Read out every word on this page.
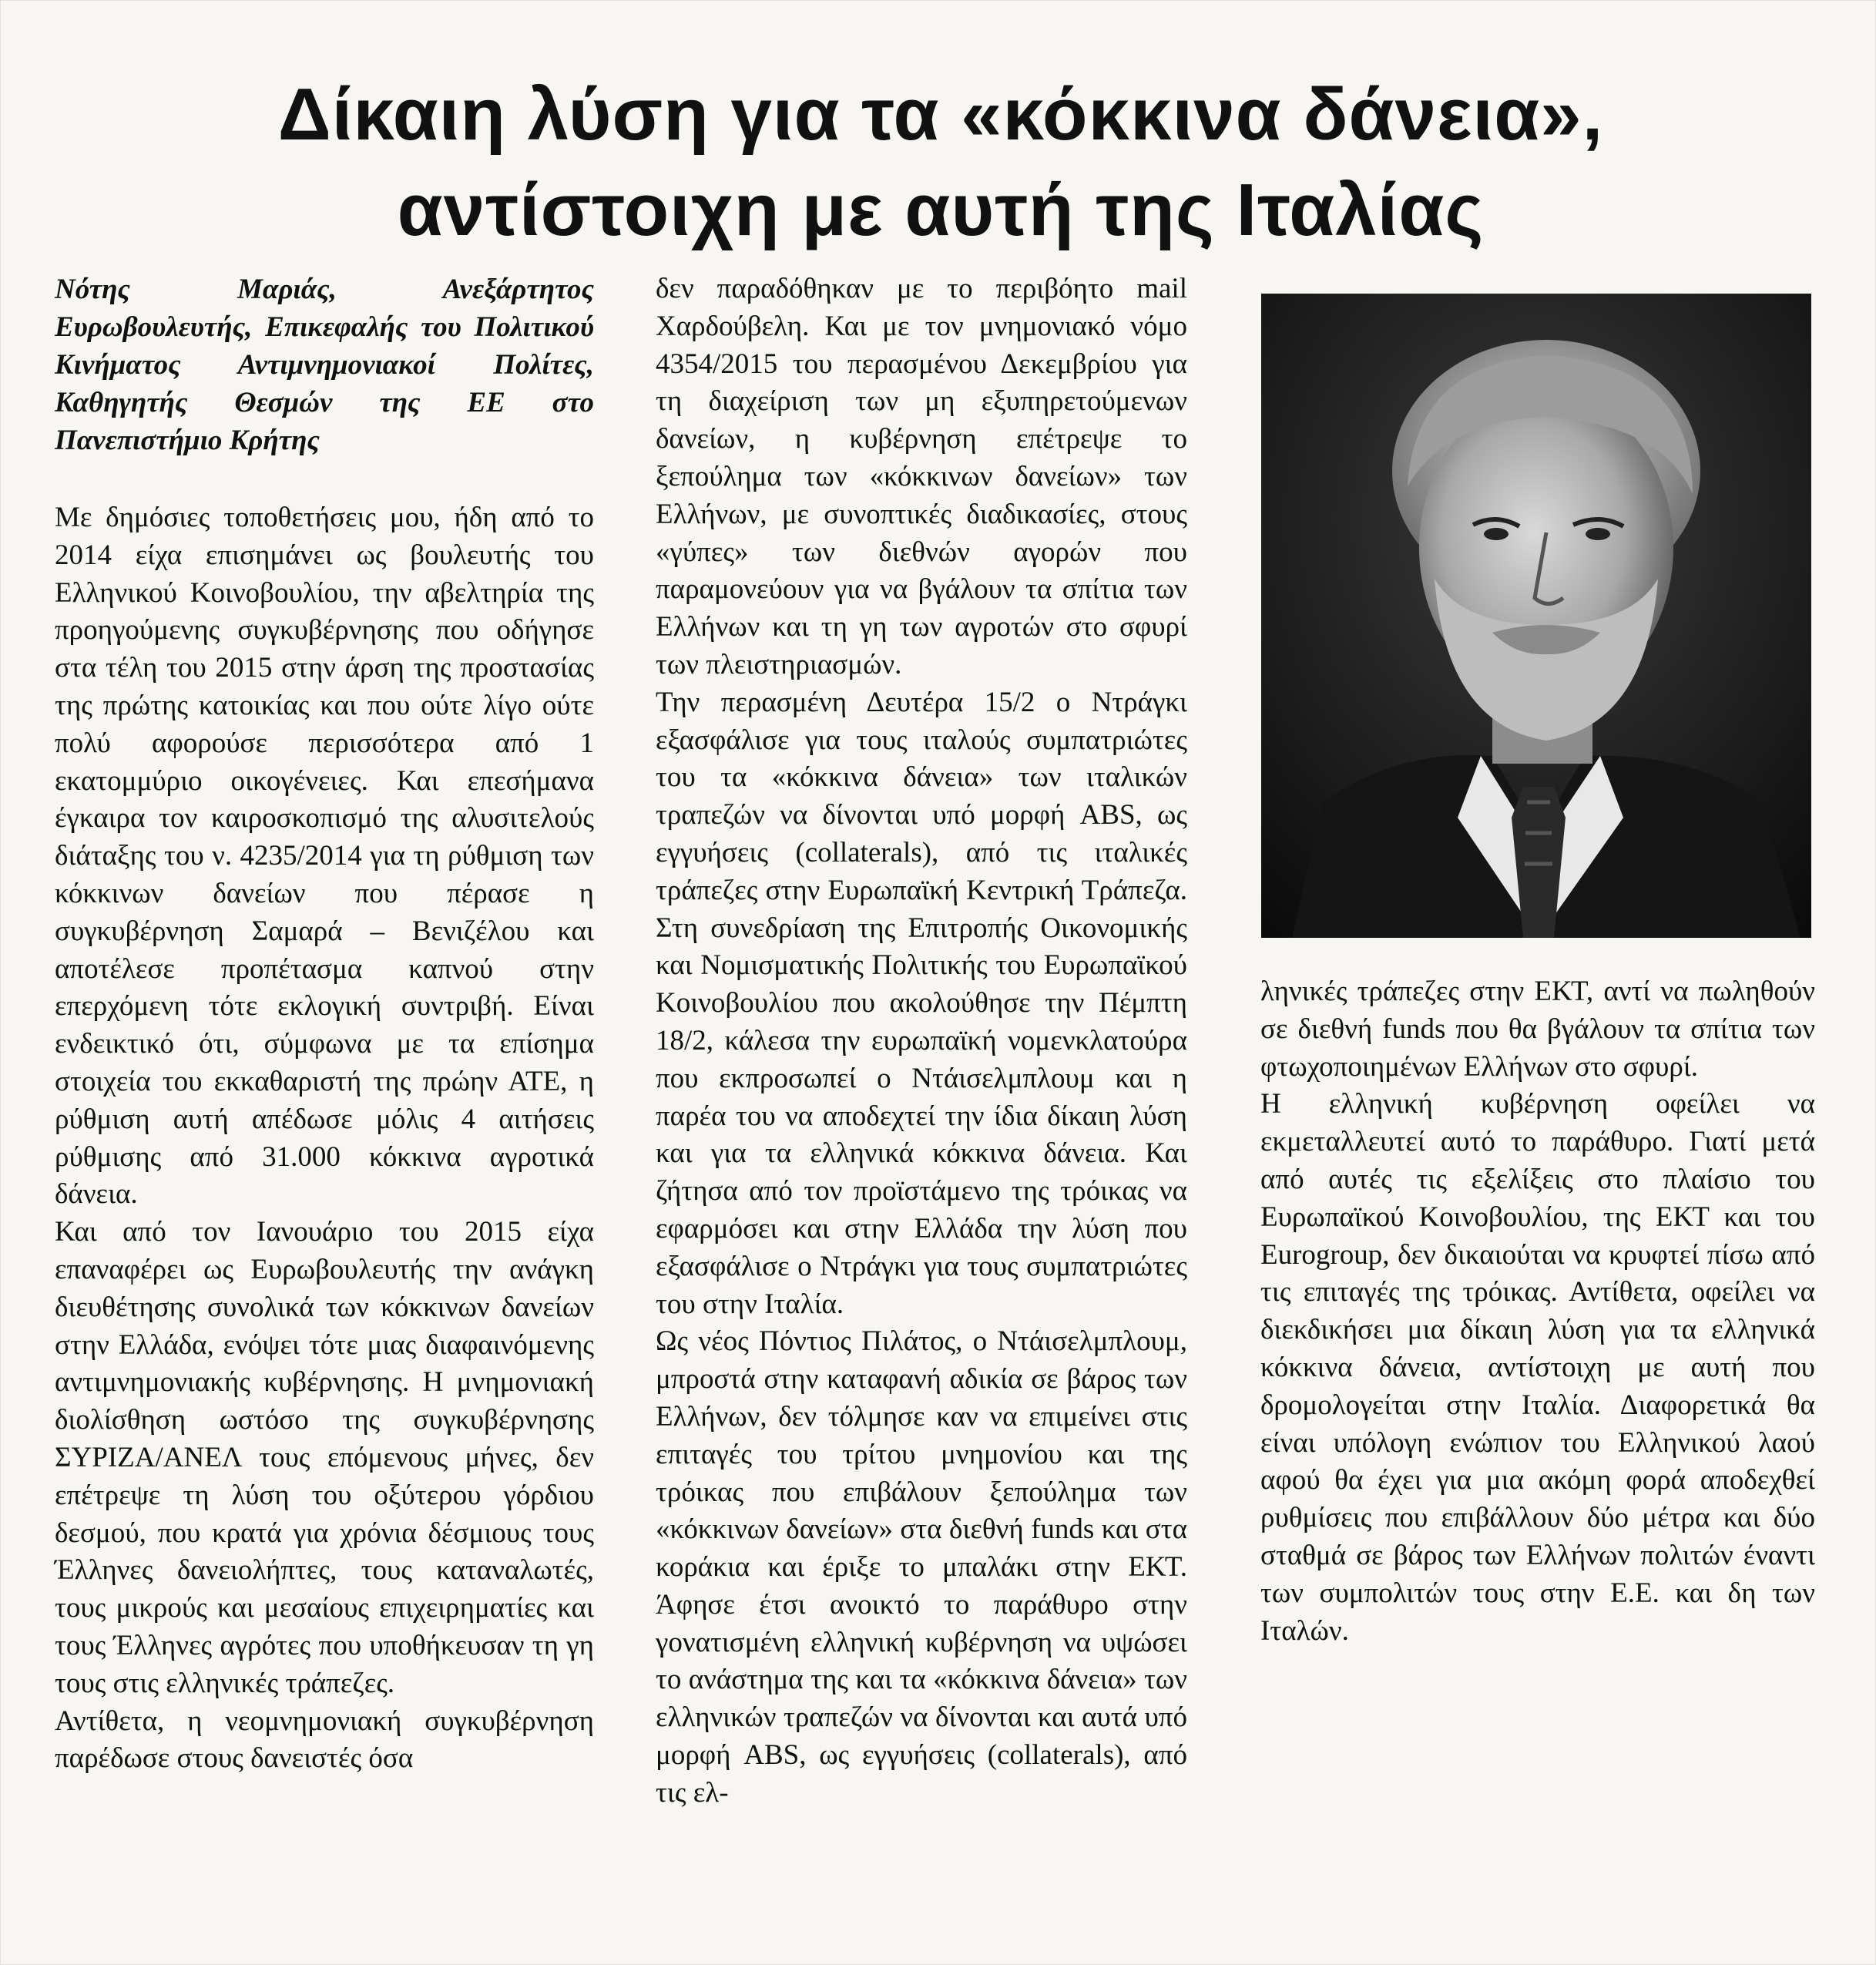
Δίκαιη λύση για τα «κόκκινα δάνεια»,
αντίστοιχη με αυτή της Ιταλίας

Νότης Μαριάς, Ανεξάρτητος Ευρωβουλευτής, Επικεφαλής του Πολιτικού Κινήματος Αντιμνημονιακοί Πολίτες, Καθηγητής Θεσμών της ΕΕ στο Πανεπιστήμιο Κρήτης

Με δημόσιες τοποθετήσεις μου, ήδη από το 2014 είχα επισημάνει ως βουλευτής του Ελληνικού Κοινοβουλίου, την αβελτηρία της προηγούμενης συγκυβέρνησης που οδήγησε στα τέλη του 2015 στην άρση της προστασίας της πρώτης κατοικίας και που ούτε λίγο ούτε πολύ αφορούσε περισσότερα από 1 εκατομμύριο οικογένειες. Και επεσήμανα έγκαιρα τον καιροσκοπισμό της αλυσιτελούς διάταξης του ν. 4235/2014 για τη ρύθμιση των κόκκινων δανείων που πέρασε η συγκυβέρνηση Σαμαρά – Βενιζέλου και αποτέλεσε προπέτασμα καπνού στην επερχόμενη τότε εκλογική συντριβή. Είναι ενδεικτικό ότι, σύμφωνα με τα επίσημα στοιχεία του εκκαθαριστή της πρώην ΑΤΕ, η ρύθμιση αυτή απέδωσε μόλις 4 αιτήσεις ρύθμισης από 31.000 κόκκινα αγροτικά δάνεια.

Και από τον Ιανουάριο του 2015 είχα επαναφέρει ως Ευρωβουλευτής την ανάγκη διευθέτησης συνολικά των κόκκινων δανείων στην Ελλάδα, ενόψει τότε μιας διαφαινόμενης αντιμνημονιακής κυβέρνησης. Η μνημονιακή διολίσθηση ωστόσο της συγκυβέρνησης ΣΥΡΙΖΑ/ΑΝΕΛ τους επόμενους μήνες, δεν επέτρεψε τη λύση του οξύτερου γόρδιου δεσμού, που κρατά για χρόνια δέσμιους τους Έλληνες δανειολήπτες, τους καταναλωτές, τους μικρούς και μεσαίους επιχειρηματίες και τους Έλληνες αγρότες που υποθήκευσαν τη γη τους στις ελληνικές τράπεζες.

Αντίθετα, η νεομνημονιακή συγκυβέρνηση παρέδωσε στους δανειστές όσα

δεν παραδόθηκαν με το περιβόητο mail Χαρδούβελη. Και με τον μνημονιακό νόμο 4354/2015 του περασμένου Δεκεμβρίου για τη διαχείριση των μη εξυπηρετούμενων δανείων, η κυβέρνηση επέτρεψε το ξεπούλημα των «κόκκινων δανείων» των Ελλήνων, με συνοπτικές διαδικασίες, στους «γύπες» των διεθνών αγορών που παραμονεύουν για να βγάλουν τα σπίτια των Ελλήνων και τη γη των αγροτών στο σφυρί των πλειστηριασμών.

Την περασμένη Δευτέρα 15/2 ο Ντράγκι εξασφάλισε για τους ιταλούς συμπατριώτες του τα «κόκκινα δάνεια» των ιταλικών τραπεζών να δίνονται υπό μορφή ABS, ως εγγυήσεις (collaterals), από τις ιταλικές τράπεζες στην Ευρωπαϊκή Κεντρική Τράπεζα. Στη συνεδρίαση της Επιτροπής Οικονομικής και Νομισματικής Πολιτικής του Ευρωπαϊκού Κοινοβουλίου που ακολούθησε την Πέμπτη 18/2, κάλεσα την ευρωπαϊκή νομενκλατούρα που εκπροσωπεί ο Ντάισελμπλουμ και η παρέα του να αποδεχτεί την ίδια δίκαιη λύση και για τα ελληνικά κόκκινα δάνεια. Και ζήτησα από τον προϊστάμενο της τρόικας να εφαρμόσει και στην Ελλάδα την λύση που εξασφάλισε ο Ντράγκι για τους συμπατριώτες του στην Ιταλία.

Ως νέος Πόντιος Πιλάτος, ο Ντάισελμπλουμ, μπροστά στην καταφανή αδικία σε βάρος των Ελλήνων, δεν τόλμησε καν να επιμείνει στις επιταγές του τρίτου μνημονίου και της τρόικας που επιβάλουν ξεπούλημα των «κόκκινων δανείων» στα διεθνή funds και στα κοράκια και έριξε το μπαλάκι στην ΕΚΤ. Άφησε έτσι ανοικτό το παράθυρο στην γονατισμένη ελληνική κυβέρνηση να υψώσει το ανάστημα της και τα «κόκκινα δάνεια» των ελληνικών τραπεζών να δίνονται και αυτά υπό μορφή ABS, ως εγγυήσεις (collaterals), από τις ελ-

ληνικές τράπεζες στην ΕΚΤ, αντί να πωληθούν σε διεθνή funds που θα βγάλουν τα σπίτια των φτωχοποιημένων Ελλήνων στο σφυρί.

Η ελληνική κυβέρνηση οφείλει να εκμεταλλευτεί αυτό το παράθυρο. Γιατί μετά από αυτές τις εξελίξεις στο πλαίσιο του Ευρωπαϊκού Κοινοβουλίου, της ΕΚΤ και του Eurogroup, δεν δικαιούται να κρυφτεί πίσω από τις επιταγές της τρόικας. Αντίθετα, οφείλει να διεκδικήσει μια δίκαιη λύση για τα ελληνικά κόκκινα δάνεια, αντίστοιχη με αυτή που δρομολογείται στην Ιταλία. Διαφορετικά θα είναι υπόλογη ενώπιον του Ελληνικού λαού αφού θα έχει για μια ακόμη φορά αποδεχθεί ρυθμίσεις που επιβάλλουν δύο μέτρα και δύο σταθμά σε βάρος των Ελλήνων πολιτών έναντι των συμπολιτών τους στην Ε.Ε. και δη των Ιταλών.
